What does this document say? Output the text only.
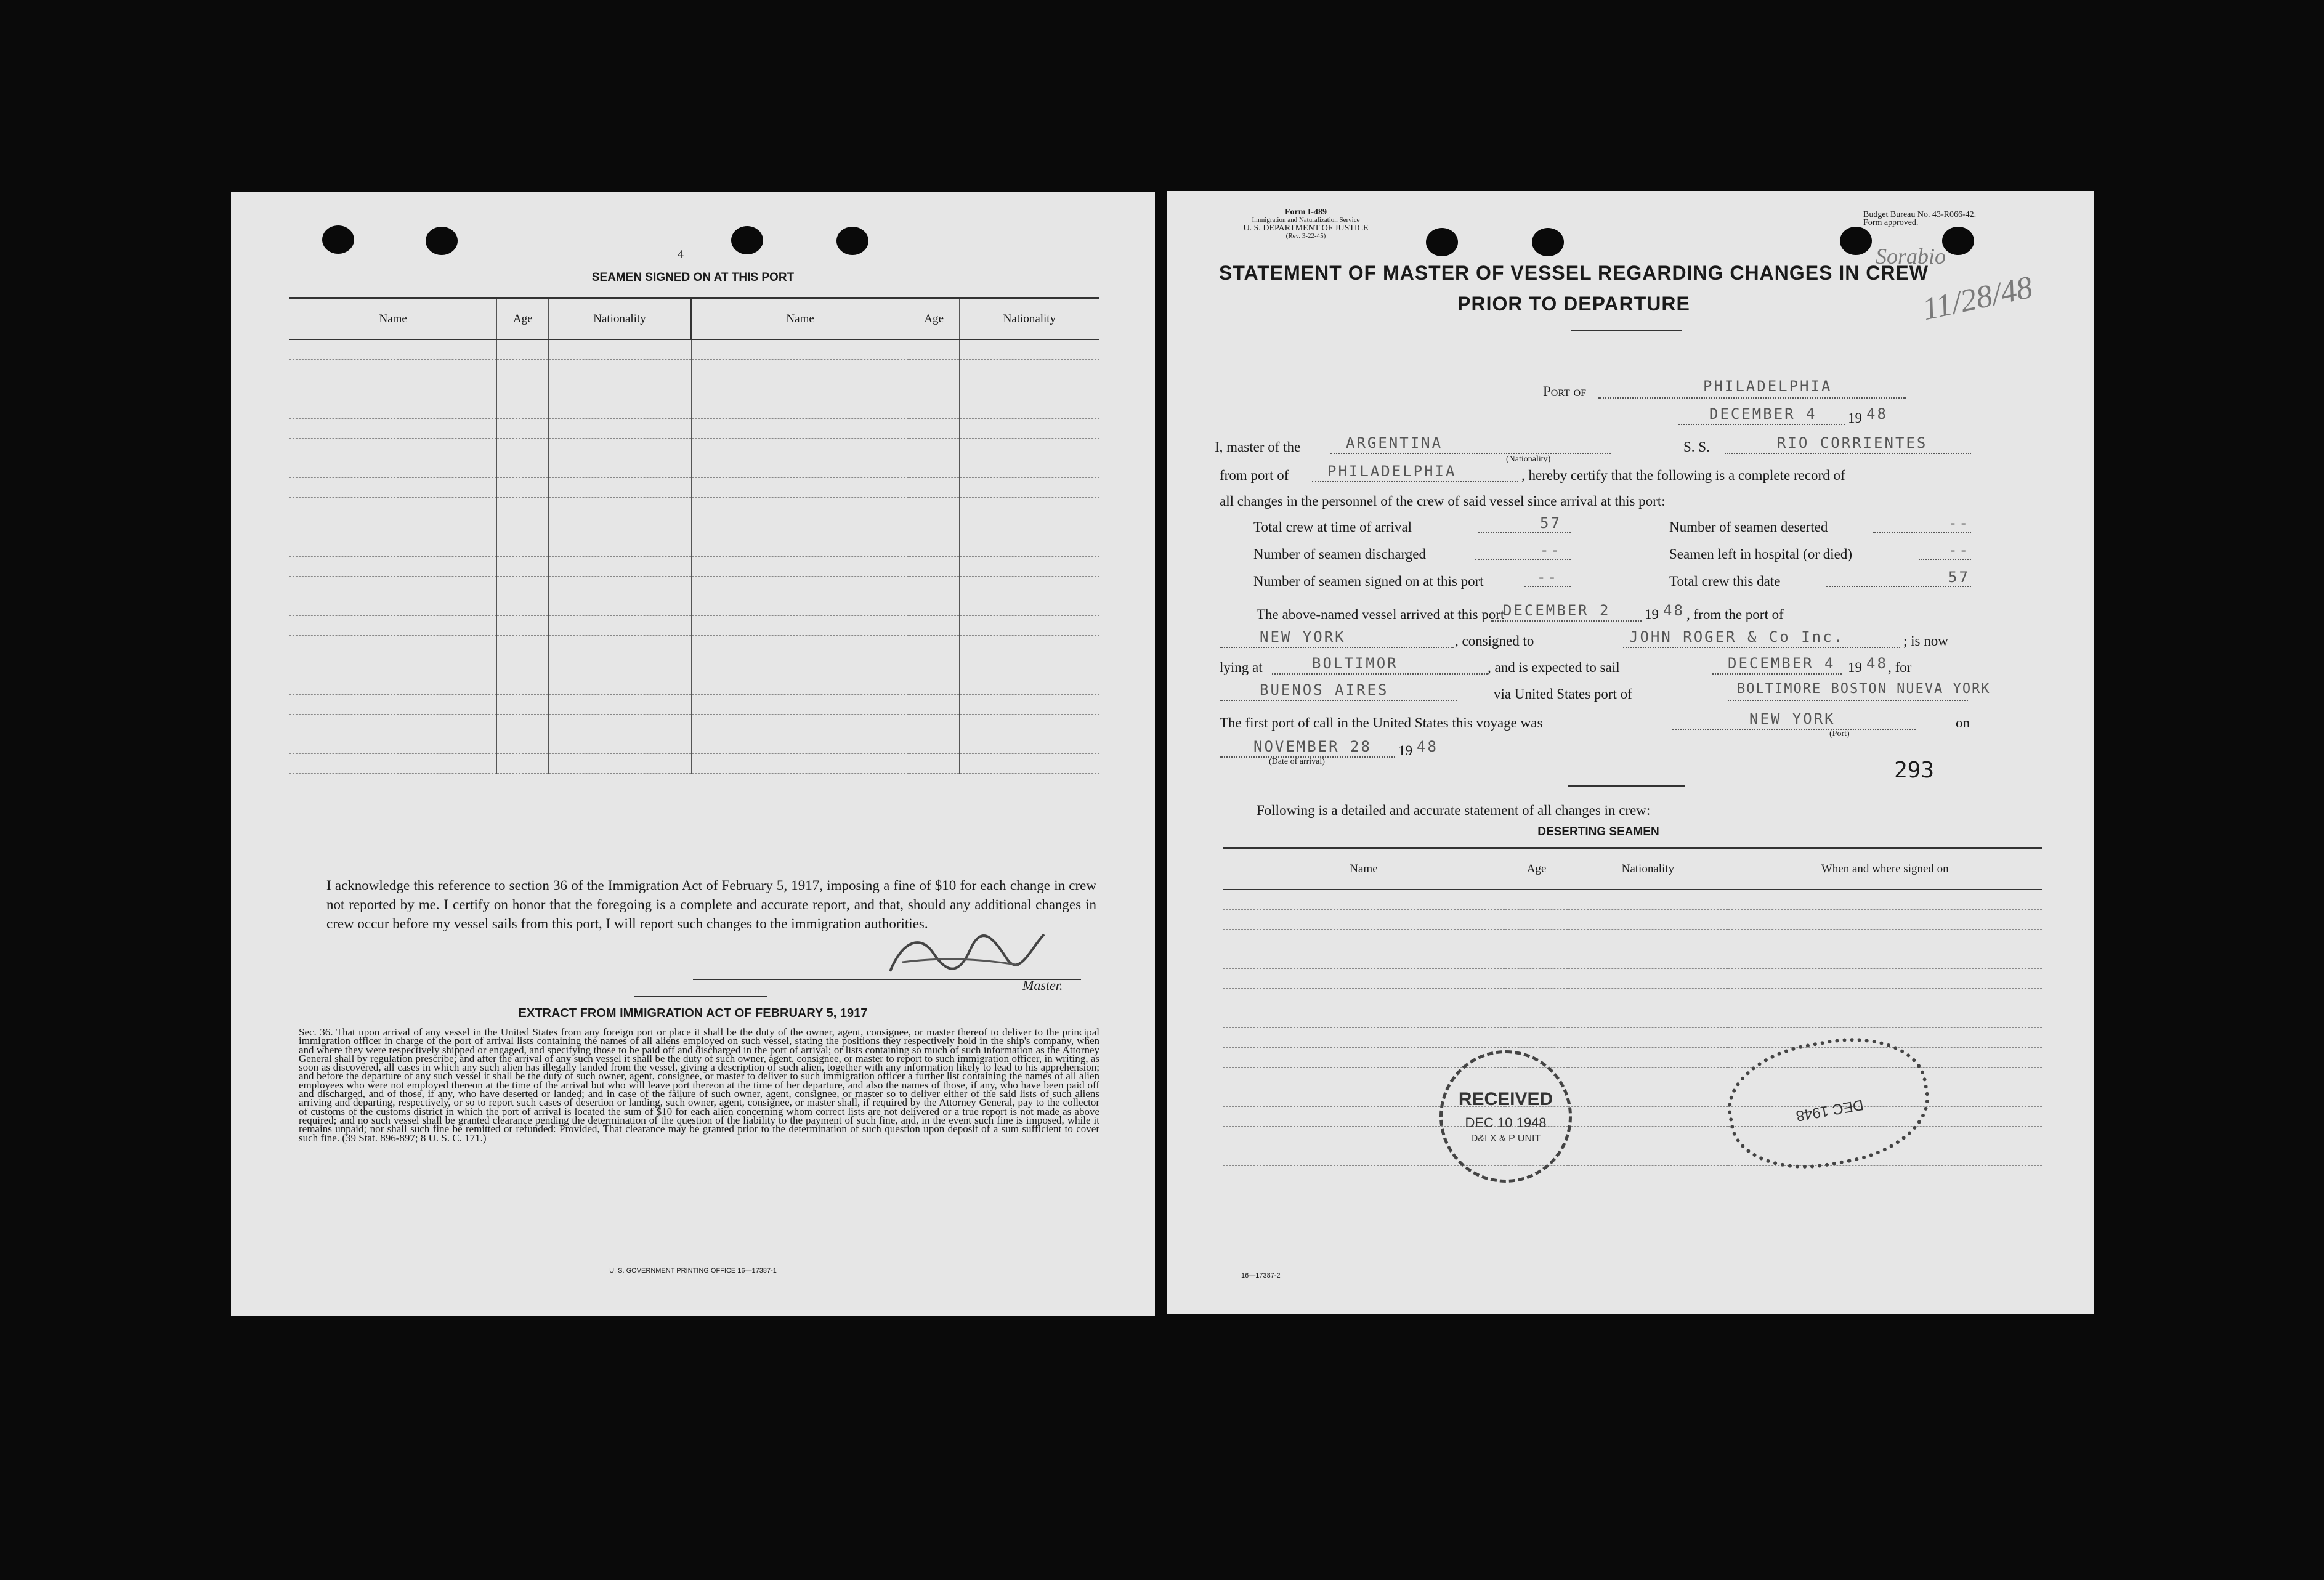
4
SEAMEN SIGNED ON AT THIS PORT
Name	Age	Nationality	Name	Age	Nationality

I acknowledge this reference to section 36 of the Immigration Act of February 5, 1917, imposing a fine of $10 for each change in crew not reported by me. I certify on honor that the foregoing is a complete and accurate report, and that, should any additional changes in crew occur before my vessel sails from this port, I will report such changes to the immigration authorities.
Master.
EXTRACT FROM IMMIGRATION ACT OF FEBRUARY 5, 1917
Sec. 36. That upon arrival of any vessel in the United States from any foreign port or place it shall be the duty of the owner, agent, consignee, or master thereof to deliver to the principal immigration officer in charge of the port of arrival lists containing the names of all aliens employed on such vessel, stating the positions they respectively hold in the ship's company, when and where they were respectively shipped or engaged, and specifying those to be paid off and discharged in the port of arrival; or lists containing so much of such information as the Attorney General shall by regulation prescribe; and after the arrival of any such vessel it shall be the duty of such owner, agent, consignee, or master to report to such immigration officer, in writing, as soon as discovered, all cases in which any such alien has illegally landed from the vessel, giving a description of such alien, together with any information likely to lead to his apprehension; and before the departure of any such vessel it shall be the duty of such owner, agent, consignee, or master to deliver to such immigration officer a further list containing the names of all alien employees who were not employed thereon at the time of the arrival but who will leave port thereon at the time of her departure, and also the names of those, if any, who have been paid off and discharged, and of those, if any, who have deserted or landed; and in case of the failure of such owner, agent, consignee, or master so to deliver either of the said lists of such aliens arriving and departing, respectively, or so to report such cases of desertion or landing, such owner, agent, consignee, or master shall, if required by the Attorney General, pay to the collector of customs of the customs district in which the port of arrival is located the sum of $10 for each alien concerning whom correct lists are not delivered or a true report is not made as above required; and no such vessel shall be granted clearance pending the determination of the question of the liability to the payment of such fine, and, in the event such fine is imposed, while it remains unpaid; nor shall such fine be remitted or refunded: Provided, That clearance may be granted prior to the determination of such question upon deposit of a sum sufficient to cover such fine. (39 Stat. 896-897; 8 U. S. C. 171.)
U. S. GOVERNMENT PRINTING OFFICE 16—17387-1
Form I-489
Immigration and Naturalization Service
U. S. DEPARTMENT OF JUSTICE
(Rev. 3-22-45)
Budget Bureau No. 43-R066-42.
Form approved.
Sorabio
11/28/48
STATEMENT OF MASTER OF VESSEL REGARDING CHANGES IN CREW
PRIOR TO DEPARTURE
Port of	PHILADELPHIA
DECEMBER 4 19 48
I, master of the	ARGENTINA
(Nationality)
S. S.	RIO CORRIENTES
from port of	PHILADELPHIA	, hereby certify that the following is a complete record of
all changes in the personnel of the crew of said vessel since arrival at this port:
Total crew at time of arrival	57	Number of seamen deserted	--
Number of seamen discharged	--	Seamen left in hospital (or died)	--
Number of seamen signed on at this port	--	Total crew this date	57
The above-named vessel arrived at this port
DECEMBER 2 19 48 , from the port of
NEW YORK	, consigned to	JOHN ROGER & Co Inc.	; is now
lying at	BOLTIMOR	, and is expected to sail	DECEMBER 4 19 48 , for
BUENOS AIRES	via United States port of	BOLTIMORE BOSTON NUEVA YORK
The first port of call in the United States this voyage was	NEW YORK
(Port)
on
NOVEMBER 28
(Date of arrival)
19 48
293
Following is a detailed and accurate statement of all changes in crew:
DESERTING SEAMEN
Name	Age	Nationality	When and where signed on

RECEIVED
DEC 10 1948
D&I X & P UNIT
DEC 1948
16—17387-2
